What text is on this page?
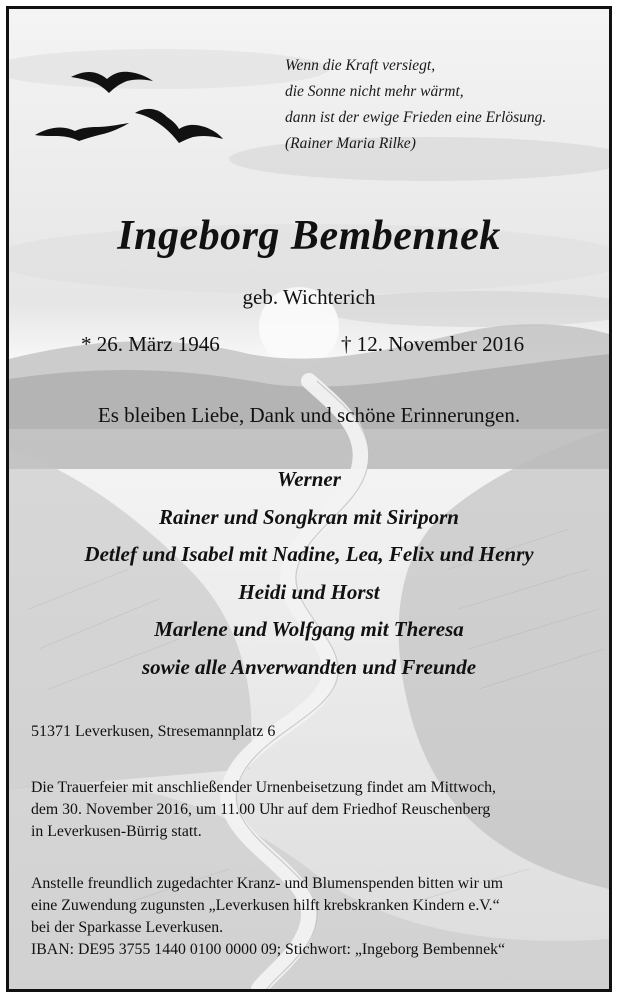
Wenn die Kraft versiegt,
die Sonne nicht mehr wärmt,
dann ist der ewige Frieden eine Erlösung.
(Rainer Maria Rilke)
Ingeborg Bembennek
geb. Wichterich
* 26. März 1946	† 12. November 2016
Es bleiben Liebe, Dank und schöne Erinnerungen.
Werner
Rainer und Songkran mit Siriporn
Detlef und Isabel mit Nadine, Lea, Felix und Henry
Heidi und Horst
Marlene und Wolfgang mit Theresa
sowie alle Anverwandten und Freunde
51371 Leverkusen, Stresemannplatz 6
Die Trauerfeier mit anschließender Urnenbeisetzung findet am Mittwoch,
dem 30. November 2016, um 11.00 Uhr auf dem Friedhof Reuschenberg
in Leverkusen-Bürrig statt.
Anstelle freundlich zugedachter Kranz- und Blumenspenden bitten wir um
eine Zuwendung zugunsten „Leverkusen hilft krebskranken Kindern e.V.“
bei der Sparkasse Leverkusen.
IBAN: DE95 3755 1440 0100 0000 09; Stichwort: „Ingeborg Bembennek“
